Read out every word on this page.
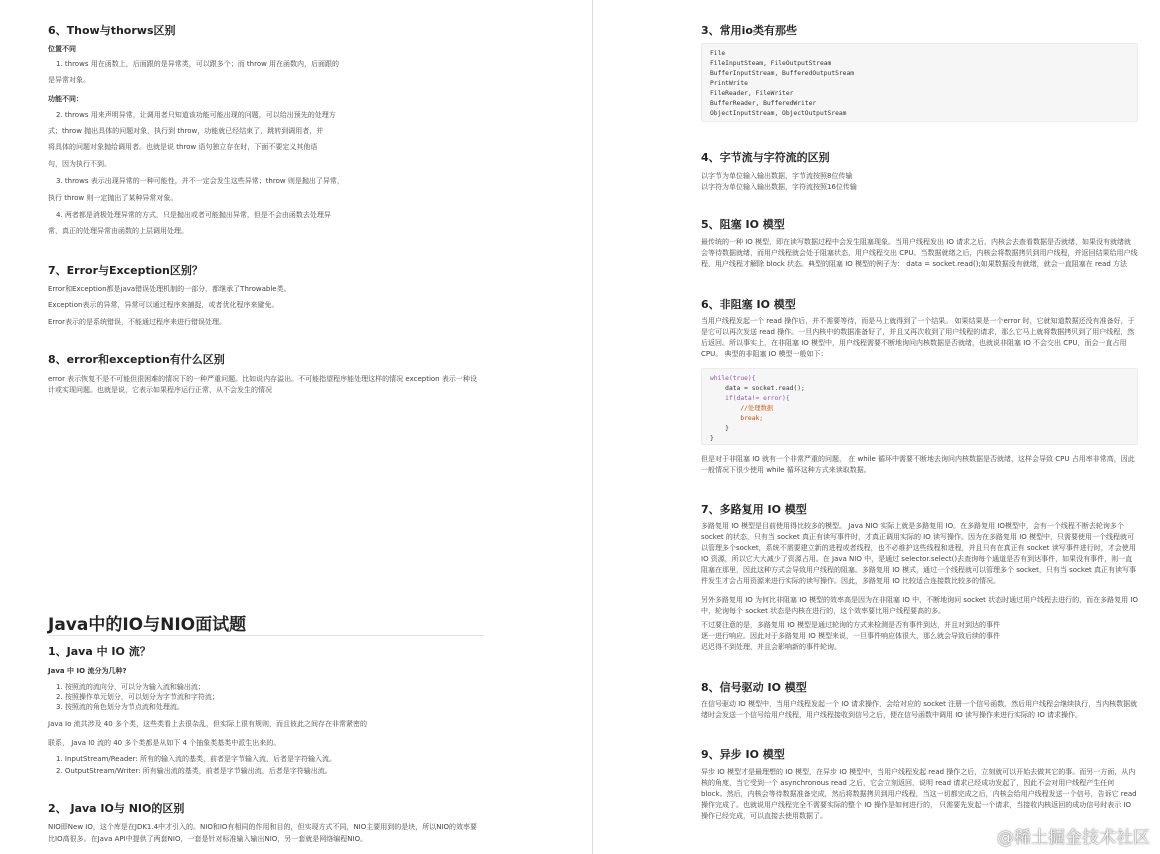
6、Thow与thorws区别
位置不同
1. throws 用在函数上，后面跟的是异常类，可以跟多个；而 throw 用在函数内，后面跟的
是异常对象。
功能不同：
2. throws 用来声明异常，让调用者只知道该功能可能出现的问题，可以给出预先的处理方
式；throw 抛出具体的问题对象，执行到 throw，功能就已经结束了，跳转到调用者，并
将具体的问题对象抛给调用者。也就是说 throw 语句独立存在时，下面不要定义其他语
句，因为执行不到。
3. throws 表示出现异常的一种可能性，并不一定会发生这些异常；throw 则是抛出了异常，
执行 throw 则一定抛出了某种异常对象。
4. 两者都是消极处理异常的方式，只是抛出或者可能抛出异常，但是不会由函数去处理异
常，真正的处理异常由函数的上层调用处理。
7、Error与Exception区别？
Error和Exception都是java错误处理机制的一部分，都继承了Throwable类。
Exception表示的异常，异常可以通过程序来捕捉，或者优化程序来避免。
Error表示的是系统错误，不能通过程序来进行错误处理。
8、error和exception有什么区别
error 表示恢复不是不可能但很困难的情况下的一种严重问题。比如说内存溢出。不可能指望程序能处理这样的情况 exception 表示一种设
计或实现问题。也就是说，它表示如果程序运行正常，从不会发生的情况
Java中的IO与NIO面试题
1、Java 中 IO 流？
Java 中 IO 流分为几种?
1. 按照流的流向分，可以分为输入流和输出流；
2. 按照操作单元划分，可以划分为字节流和字符流；
3. 按照流的角色划分为节点流和处理流。
Java Io 流共涉及 40 多个类，这些类看上去很杂乱，但实际上很有规则，而且彼此之间存在非常紧密的
联系， Java I0 流的 40 多个类都是从如下 4 个抽象类基类中派生出来的。
1. InputStream/Reader: 所有的输入流的基类，前者是字节输入流，后者是字符输入流。
2. OutputStream/Writer: 所有输出流的基类，前者是字节输出流，后者是字符输出流。
2、 Java IO与 NIO的区别
NIO即New IO，这个库是在JDK1.4中才引入的。NIO和IO有相同的作用和目的，但实现方式不同，NIO主要用到的是块，所以NIO的效率要
比IO高很多。在Java API中提供了两套NIO，一套是针对标准输入输出NIO，另一套就是网络编程NIO。
3、常用io类有那些
File
FileInputSteam, FileOutputStream
BufferInputStream, BufferedOutputSream
PrintWrite
FileReader, FileWriter
BufferReader, BufferedWriter
ObjectInputStream, ObjectOutputSream
4、字节流与字符流的区别
以字节为单位输入输出数据，字节流按照8位传输
以字符为单位输入输出数据，字符流按照16位传输
5、阻塞 IO 模型
最传统的一种 IO 模型，即在读写数据过程中会发生阻塞现象。当用户线程发出 IO 请求之后，内核会去查看数据是否就绪，如果没有就绪就会等待数据就绪，而用户线程就会处于阻塞状态，用户线程交出 CPU。当数据就绪之后，内核会将数据拷贝到用户线程，并返回结果给用户线程，用户线程才解除 block 状态。典型的阻塞 IO 模型的例子为： data = socket.read();如果数据没有就绪，就会一直阻塞在 read 方法
6、非阻塞 IO 模型
当用户线程发起一个 read 操作后，并不需要等待，而是马上就得到了一个结果。 如果结果是一个error 时，它就知道数据还没有准备好，于是它可以再次发送 read 操作。一旦内核中的数据准备好了，并且又再次收到了用户线程的请求，那么它马上就将数据拷贝到了用户线程，然后返回。所以事实上，在非阻塞 IO 模型中，用户线程需要不断地询问内核数据是否就绪，也就说非阻塞 IO 不会交出 CPU，而会一直占用 CPU。 典型的非阻塞 IO 模型一般如下：
while(true){
data = socket.read();
if(data!= error){
//处理数据
break;
}
}
但是对于非阻塞 IO 就有一个非常严重的问题， 在 while 循环中需要不断地去询问内核数据是否就绪，这样会导致 CPU 占用率非常高，因此一般情况下很少使用 while 循环这种方式来读取数据。
7、多路复用 IO 模型
多路复用 IO 模型是目前使用得比较多的模型。 Java NIO 实际上就是多路复用 IO。在多路复用 IO模型中，会有一个线程不断去轮询多个 socket 的状态，只有当 socket 真正有读写事件时，才真正调用实际的 IO 读写操作。因为在多路复用 IO 模型中，只需要使用一个线程就可以管理多个socket，系统不需要建立新的进程或者线程，也不必维护这些线程和进程，并且只有在真正有 socket 读写事件进行时，才会使用IO 资源，所以它大大减少了资源占用。在 Java NIO 中，是通过 selector.select()去查询每个通道是否有到达事件，如果没有事件，则一直阻塞在那里，因此这种方式会导致用户线程的阻塞。多路复用 IO 模式，通过一个线程就可以管理多个 socket，只有当 socket 真正有读写事件发生才会占用资源来进行实际的读写操作。因此，多路复用 IO 比较适合连接数比较多的情况。
另外多路复用 IO 为何比非阻塞 IO 模型的效率高是因为在非阻塞 IO 中，不断地询问 socket 状态时通过用户线程去进行的，而在多路复用 IO 中，轮询每个 socket 状态是内核在进行的，这个效率要比用户线程要高的多。
不过要注意的是，多路复用 IO 模型是通过轮询的方式来检测是否有事件到达，并且对到达的事件
逐一进行响应。因此对于多路复用 IO 模型来说，一旦事件响应体很大，那么就会导致后续的事件
迟迟得不到处理，并且会影响新的事件轮询。
8、信号驱动 IO 模型
在信号驱动 IO 模型中，当用户线程发起一个 IO 请求操作，会给对应的 socket 注册一个信号函数，然后用户线程会继续执行，当内核数据就绪时会发送一个信号给用户线程，用户线程接收到信号之后，便在信号函数中调用 IO 读写操作来进行实际的 IO 请求操作。
9、异步 IO 模型
异步 IO 模型才是最理想的 IO 模型，在异步 IO 模型中，当用户线程发起 read 操作之后，立刻就可以开始去做其它的事。而另一方面，从内核的角度，当它受到一个 asynchronous read 之后，它会立刻返回，说明 read 请求已经成功发起了，因此不会对用户线程产生任何block。然后，内核会等待数据准备完成，然后将数据拷贝到用户线程，当这一切都完成之后，内核会给用户线程发送一个信号，告诉它 read 操作完成了。也就说用户线程完全不需要实际的整个 IO 操作是如何进行的， 只需要先发起一个请求，当接收内核返回的成功信号时表示 IO 操作已经完成，可以直接去使用数据了。
@稀土掘金技术社区
